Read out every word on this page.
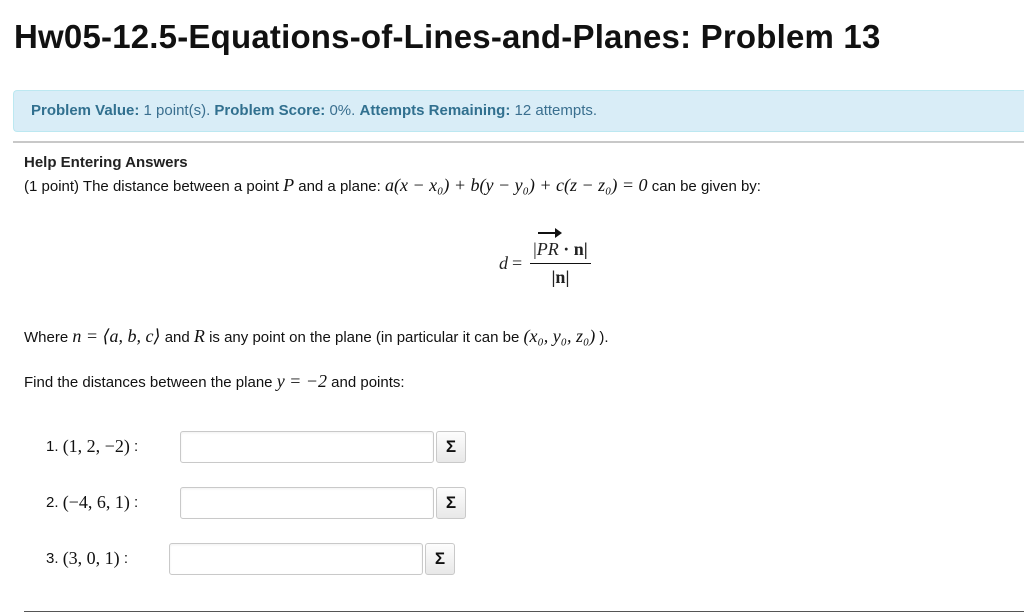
Hw05-12.5-Equations-of-Lines-and-Planes: Problem 13
Problem Value: 1 point(s). Problem Score: 0%. Attempts Remaining: 12 attempts.
Help Entering Answers
(1 point) The distance between a point P and a plane: a(x − x₀) + b(y − y₀) + c(z − z₀) = 0 can be given by:
d = |
PR · n|
|n|
Where n = ⟨a, b, c⟩ and R is any point on the plane (in particular it can be (x₀, y₀, z₀) ).
Find the distances between the plane y = −2 and points:
1.
(1, 2, −2)
:	Σ
2.
(−4, 6, 1)
:	Σ
3.
(3, 0, 1)
:	Σ
